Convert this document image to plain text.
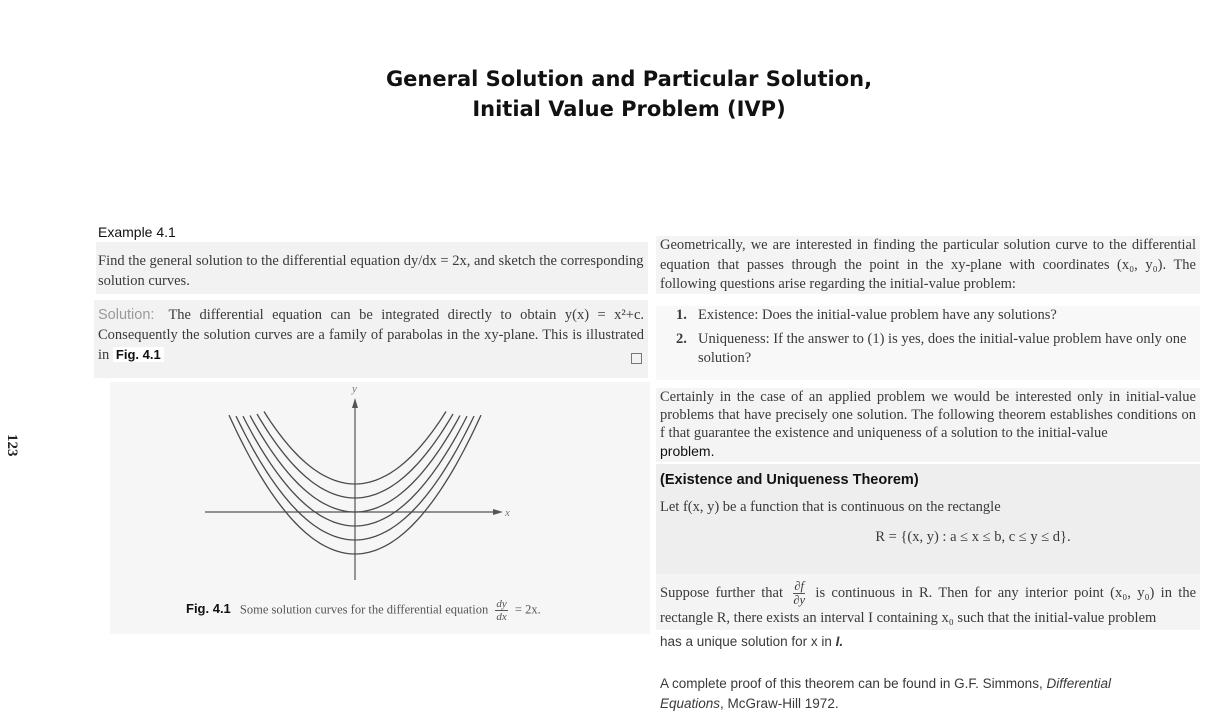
General Solution and Particular Solution,
Initial Value Problem (IVP)
123
Example 4.1
Find the general solution to the differential equation dy/dx = 2x, and sketch the corresponding solution curves.
Solution: The differential equation can be integrated directly to obtain y(x) = x²+c. Consequently the solution curves are a family of parabolas in the xy-plane. This is illustrated in Fig. 4.1
x
y
Fig. 4.1 Some solution curves for the differential equation $\frac{dy}{dx} = 2x$.
Geometrically, we are interested in finding the particular solution curve to the differential equation that passes through the point in the xy-plane with coordinates (x₀, y₀). The following questions arise regarding the initial-value problem:
1. Existence: Does the initial-value problem have any solutions?
2. Uniqueness: If the answer to (1) is yes, does the initial-value problem have only one solution?
Certainly in the case of an applied problem we would be interested only in initial-value problems that have precisely one solution. The following theorem establishes conditions on f that guarantee the existence and uniqueness of a solution to the initial-value
problem.
(Existence and Uniqueness Theorem)
Let f(x, y) be a function that is continuous on the rectangle
R = {(x, y) : a ≤ x ≤ b, c ≤ y ≤ d}.
Suppose further that $\frac{\partial f}{\partial y}$ is continuous in R. Then for any interior point (x₀, y₀) in the rectangle R, there exists an interval I containing x₀ such that the initial-value problem
has a unique solution for x in I.
A complete proof of this theorem can be found in G.F. Simmons, Differential Equations, McGraw-Hill 1972.
